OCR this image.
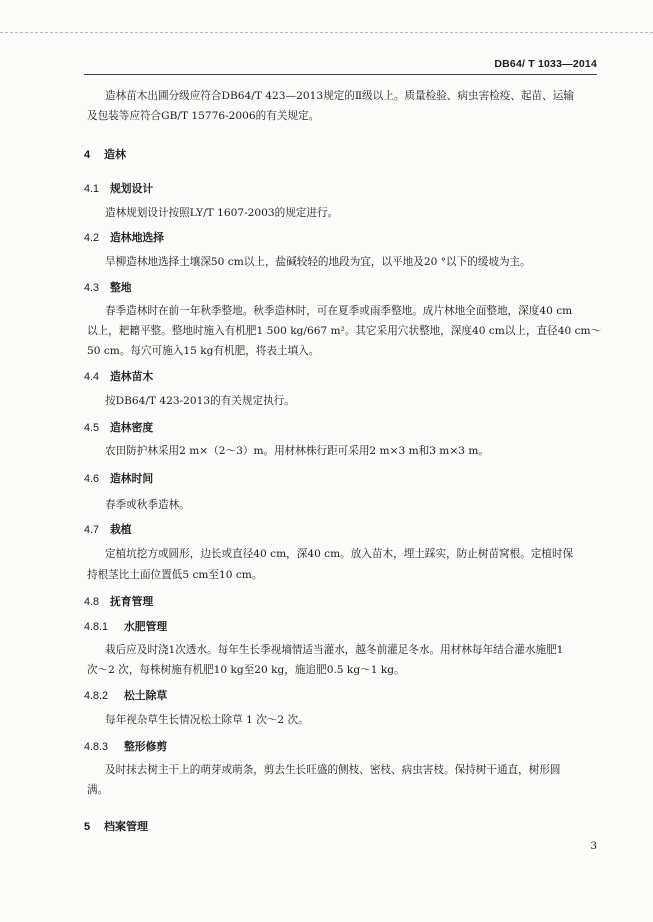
DB64/ T 1033—2014

造林苗木出圃分级应符合DB64/T 423—2013规定的Ⅱ级以上。质量检验、病虫害检疫、起苗、运输

及包装等应符合GB/T 15776-2006的有关规定。

4 造林
4.1 规划设计

造林规划设计按照LY/T 1607-2003的规定进行。

4.2 造林地选择

旱柳造林地选择土壤深50 cm以上，盐碱较轻的地段为宜，以平地及20 °以下的缓坡为主。

4.3 整地

春季造林时在前一年秋季整地。秋季造林时，可在夏季或雨季整地。成片林地全面整地，深度40 cm

以上，耙耱平整。整地时施入有机肥1 500 kg/667 m²。其它采用穴状整地，深度40 cm以上，直径40 cm～

50 cm。每穴可施入15 kg有机肥，将表土填入。

4.4 造林苗木

按DB64/T 423-2013的有关规定执行。

4.5 造林密度

农田防护林采用2 m×（2～3）m。用材林株行距可采用2 m×3 m和3 m×3 m。

4.6 造林时间

春季或秋季造林。

4.7 栽植

定植坑挖方或圆形，边长或直径40 cm，深40 cm。放入苗木，埋土踩实，防止树苗窝根。定植时保

持根茎比土面位置低5 cm至10 cm。

4.8 抚育管理
4.8.1 水肥管理

栽后应及时浇1次透水。每年生长季视墒情适当灌水，越冬前灌足冬水。用材林每年结合灌水施肥1

次～2 次，每株树施有机肥10 kg至20 kg，施追肥0.5 kg～1 kg。

4.8.2 松土除草

每年视杂草生长情况松土除草 1 次～2 次。

4.8.3 整形修剪

及时抹去树主干上的萌芽或萌条，剪去生长旺盛的侧枝、密枝、病虫害枝。保持树干通直，树形圆

满。

5 档案管理
3
